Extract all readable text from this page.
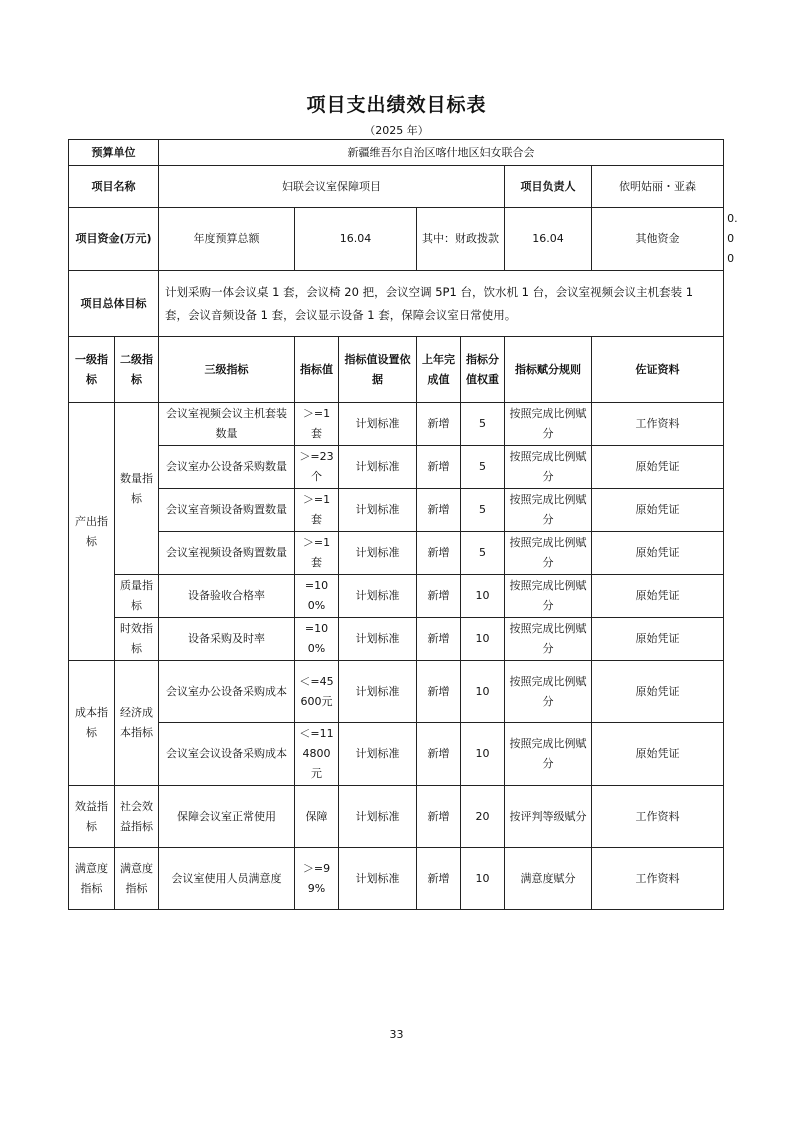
项目支出绩效目标表
（2025 年）
预算单位		新疆维吾尔自治区喀什地区妇女联合会							
项目名称		妇联会议室保障项目					项目负责人	依明姑丽・亚森	
项目资金(万元)		年度预算总额	16.04		其中：财政拨款		16.04	其他资金	0.00
项目总体目标		计划采购一体会议桌 1 套，会议椅 20 把，会议空调 5P1 台，饮水机 1 台，会议室视频会议主机套装 1 套，会议音频设备 1 套，会议显示设备 1 套，保障会议室日常使用。							
一级指标	二级指标	三级指标	指标值	指标值设置依据	上年完成值	指标分值权重	指标赋分规则	佐证资料	
产出指标	数量指标	会议室视频会议主机套装数量	＞=1套	计划标准	新增	5	按照完成比例赋分	工作资料	
		会议室办公设备采购数量	＞=23个	计划标准	新增	5	按照完成比例赋分	原始凭证	
		会议室音频设备购置数量	＞=1套	计划标准	新增	5	按照完成比例赋分	原始凭证	
		会议室视频设备购置数量	＞=1套	计划标准	新增	5	按照完成比例赋分	原始凭证	
	质量指标	设备验收合格率	=100%	计划标准	新增	10	按照完成比例赋分	原始凭证	
	时效指标	设备采购及时率	=100%	计划标准	新增	10	按照完成比例赋分	原始凭证	
成本指标	经济成本指标	会议室办公设备采购成本	＜=45600元	计划标准	新增	10	按照完成比例赋分	原始凭证	
		会议室会议设备采购成本	＜=114800元	计划标准	新增	10	按照完成比例赋分	原始凭证	
效益指标	社会效益指标	保障会议室正常使用	保障	计划标准	新增	20	按评判等级赋分	工作资料	
满意度指标	满意度指标	会议室使用人员满意度	＞=99%	计划标准	新增	10	满意度赋分	工作资料	
33
